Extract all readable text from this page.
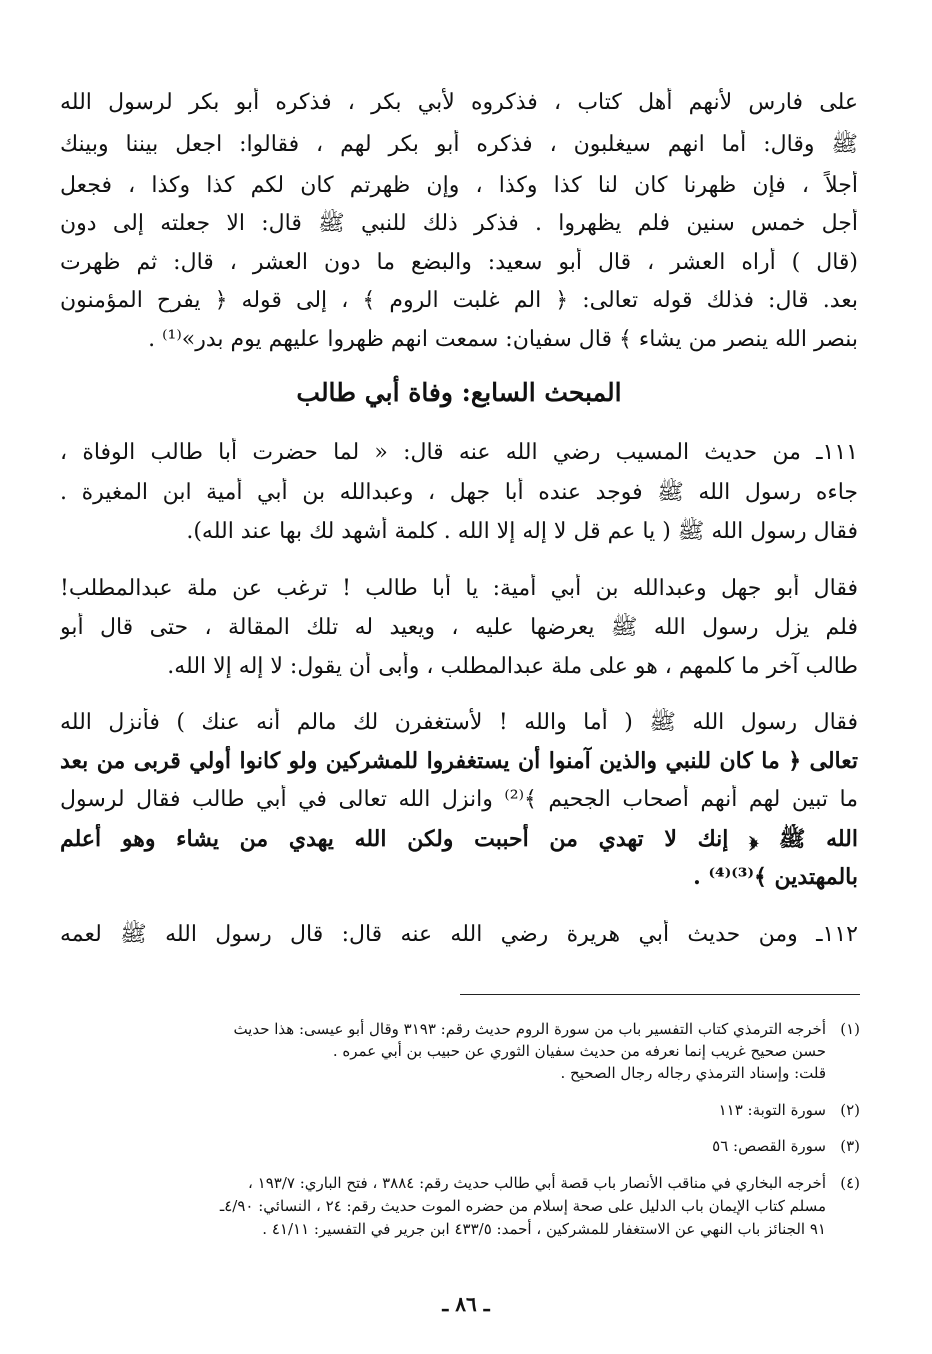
على فارس لأنهم أهل كتاب ، فذكروه لأبي بكر ، فذكره أبو بكر لرسول الله
ﷺ وقال: أما انهم سيغلبون ، فذكره أبو بكر لهم ، فقالوا: اجعل بيننا وبينك
أجلاً ، فإن ظهرنا كان لنا كذا وكذا ، وإن ظهرتم كان لكم كذا وكذا ، فجعل
أجل خمس سنين فلم يظهروا . فذكر ذلك للنبي ﷺ قال: الا جعلته إلى دون
(قال ) أراه العشر ، قال أبو سعيد: والبضع ما دون العشر ، قال: ثم ظهرت
بعد. قال: فذلك قوله تعالى: ﴿ الم غلبت الروم ﴾ ، إلى قوله ﴿ يفرح المؤمنون
بنصر الله ينصر من يشاء ﴾ قال سفيان: سمعت انهم ظهروا عليهم يوم بدر»⁽¹⁾ .
المبحث السابع: وفاة أبي طالب
١١١ـ من حديث المسيب رضي الله عنه قال: « لما حضرت أبا طالب الوفاة ،
جاءه رسول الله ﷺ فوجد عنده أبا جهل ، وعبدالله بن أبي أمية ابن المغيرة .
فقال رسول الله ﷺ ( يا عم قل لا إله إلا الله . كلمة أشهد لك بها عند الله).
فقال أبو جهل وعبدالله بن أبي أمية: يا أبا طالب ! ترغب عن ملة عبدالمطلب!
فلم يزل رسول الله ﷺ يعرضها عليه ، ويعيد له تلك المقالة ، حتى قال أبو
طالب آخر ما كلمهم ، هو على ملة عبدالمطلب ، وأبى أن يقول: لا إله إلا الله.
فقال رسول الله ﷺ ( أما والله ! لأستغفرن لك مالم أنه عنك ) فأنزل الله
تعالى ﴿ ما كان للنبي والذين آمنوا أن يستغفروا للمشركين ولو كانوا أولي قربى من بعد
ما تبين لهم أنهم أصحاب الجحيم ﴾⁽²⁾ وانزل الله تعالى في أبي طالب فقال لرسول
الله ﷺ ﴿ إنك لا تهدي من أحببت ولكن الله يهدي من يشاء وهو أعلم
بالمهتدين ﴾⁽³⁾⁽⁴⁾ .
١١٢ـ ومن حديث أبي هريرة رضي الله عنه قال: قال رسول الله ﷺ لعمه
(١)أخرجه الترمذي كتاب التفسير باب من سورة الروم حديث رقم: ٣١٩٣ وقال أبو عيسى: هذا حديث
حسن صحيح غريب إنما نعرفه من حديث سفيان الثوري عن حبيب بن أبي عمره .
قلت: وإسناد الترمذي رجاله رجال الصحيح .
(٢)سورة التوبة: ١١٣
(٣)سورة القصص: ٥٦
(٤)أخرجه البخاري في مناقب الأنصار باب قصة أبي طالب حديث رقم: ٣٨٨٤ ، فتح الباري: ١٩٣/٧ ،
مسلم كتاب الإيمان باب الدليل على صحة إسلام من حضره الموت حديث رقم: ٢٤ ، النسائي: ٤/٩٠ـ
٩١ الجنائز باب النهي عن الاستغفار للمشركين ، أحمد: ٤٣٣/٥ ابن جرير في التفسير: ٤١/١١ .
ـ ٨٦ ـ
